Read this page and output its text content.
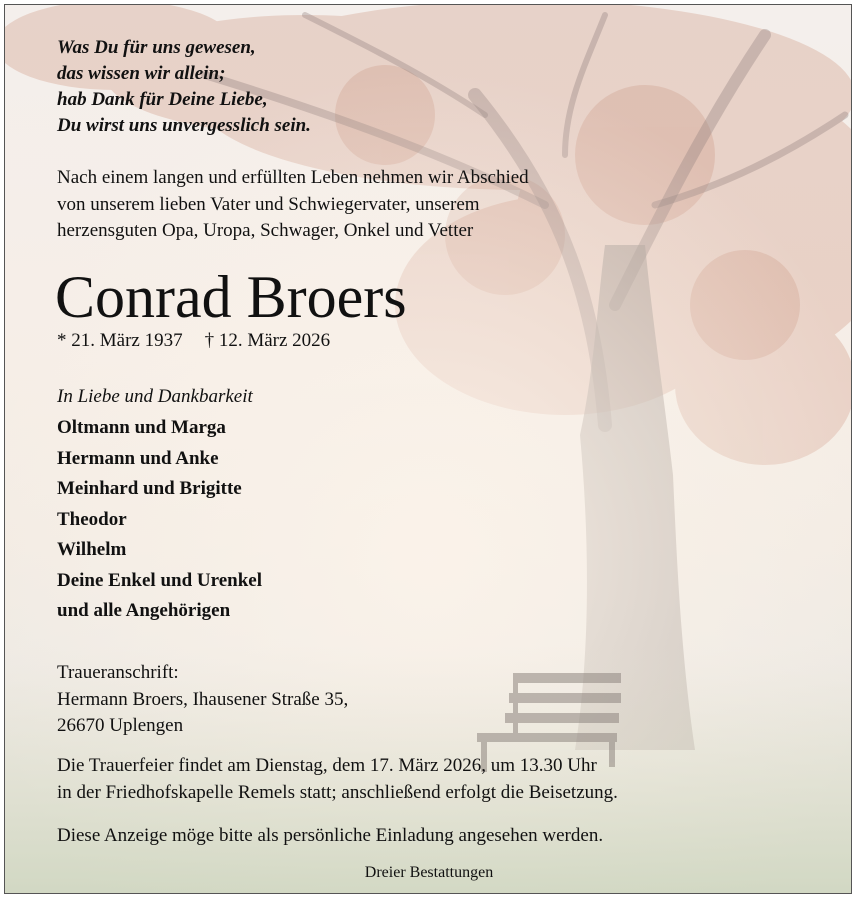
Was Du für uns gewesen,
das wissen wir allein;
hab Dank für Deine Liebe,
Du wirst uns unvergesslich sein.
Nach einem langen und erfüllten Leben nehmen wir Abschied
von unserem lieben Vater und Schwiegervater, unserem
herzensguten Opa, Uropa, Schwager, Onkel und Vetter
Conrad Broers
* 21. März 1937 † 12. März 2026
In Liebe und Dankbarkeit
Oltmann und Marga
Hermann und Anke
Meinhard und Brigitte
Theodor
Wilhelm
Deine Enkel und Urenkel
und alle Angehörigen
Traueranschrift:
Hermann Broers, Ihausener Straße 35,
26670 Uplengen
Die Trauerfeier findet am Dienstag, dem 17. März 2026, um 13.30 Uhr
in der Friedhofskapelle Remels statt; anschließend erfolgt die Beisetzung.
Diese Anzeige möge bitte als persönliche Einladung angesehen werden.
Dreier Bestattungen
